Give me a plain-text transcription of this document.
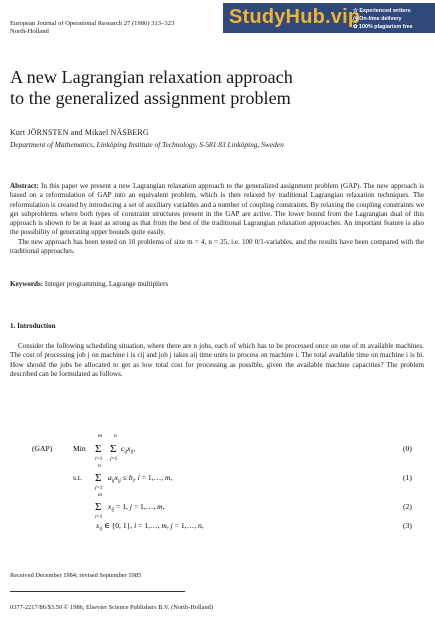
European Journal of Operational Research 27 (1986) 313–323
North-Holland
StudyHub.vip
☆ Experienced writers
◷ On-time delivery
✿ 100% plagiarism free
A new Lagrangian relaxation approach
to the generalized assignment problem
Kurt JÖRNSTEN and Mikael NÄSBERG
Department of Mathematics, Linköping Institute of Technology, S-581 83 Linköping, Sweden

Abstract: In this paper we present a new Lagrangian relaxation approach to the generalized assignment problem (GAP). The new approach is based on a reformulation of GAP into an equivalent problem, which is then relaxed by traditional Lagrangian relaxation techniques. The reformulation is created by introducing a set of auxiliary variables and a number of coupling constraints. By relaxing the coupling constraints we get subproblems where both types of constraint structures present in the GAP are active. The lower bound from the Lagrangian dual of this approach is shown to be at least as strong as that from the best of the traditional Lagrangian relaxation approaches. An important feature is also the possibility of generating upper bounds quite easily.

The new approach has been tested on 10 problems of size m = 4, n = 25, i.e. 100 0/1-variables, and the results have been compared with the traditional approaches.

Keywords: Integer programming, Lagrange multipliers
1. Introduction
Consider the following scheduling situation, where there are n jobs, each of which has to be processed once on one of m available machines. The cost of processing job j on machine i is cij and job j takes aij time units to process on machine i. The total available time on machine i is bi. How should the jobs be allocated to get as low total cost for processing as possible, given the available machine capacities? The problem described can be formulated as follows.
(GAP)	Min
s.t.
m
Σ
i=1
n
Σ
j=1
$c_{ij}x_{ij}$,
n
Σ
j=1
$a_{ij}x_{ij} \le b_i$, i = 1,…, m,
m
Σ
i=1
$x_{ij} = 1$, j = 1,…, m,
$x_{ij}$ ∈ {0, 1}, i = 1,…, m, j = 1,…, n,
(0)
(1)
(2)
(3)
Received December 1984; revised September 1985
0377-2217/86/$3.50 © 1986, Elsevier Science Publishers B.V. (North-Holland)
